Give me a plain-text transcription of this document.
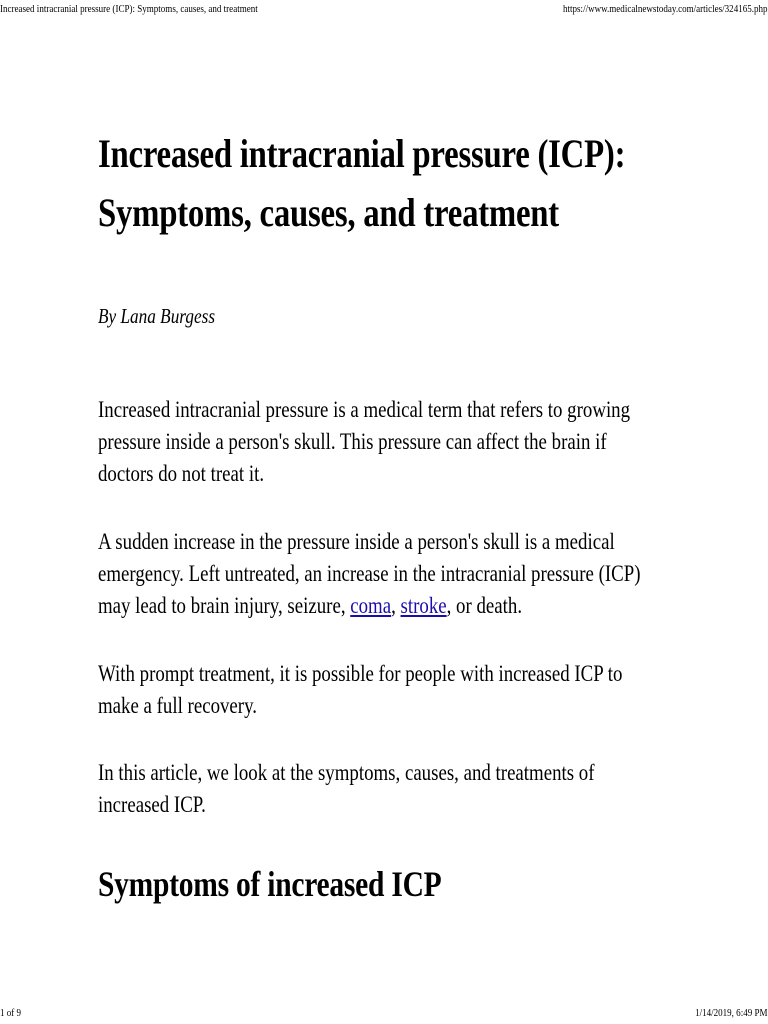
Increased intracranial pressure (ICP): Symptoms, causes, and treatment	https://www.medicalnewstoday.com/articles/324165.php
Increased intracranial pressure (ICP):
Symptoms, causes, and treatment

By Lana Burgess

Increased intracranial pressure is a medical term that refers to growing
pressure inside a person's skull. This pressure can affect the brain if
doctors do not treat it.

A sudden increase in the pressure inside a person's skull is a medical
emergency. Left untreated, an increase in the intracranial pressure (ICP)
may lead to brain injury, seizure, coma, stroke, or death.

With prompt treatment, it is possible for people with increased ICP to
make a full recovery.

In this article, we look at the symptoms, causes, and treatments of
increased ICP.

Symptoms of increased ICP
1 of 9	1/14/2019, 6:49 PM
